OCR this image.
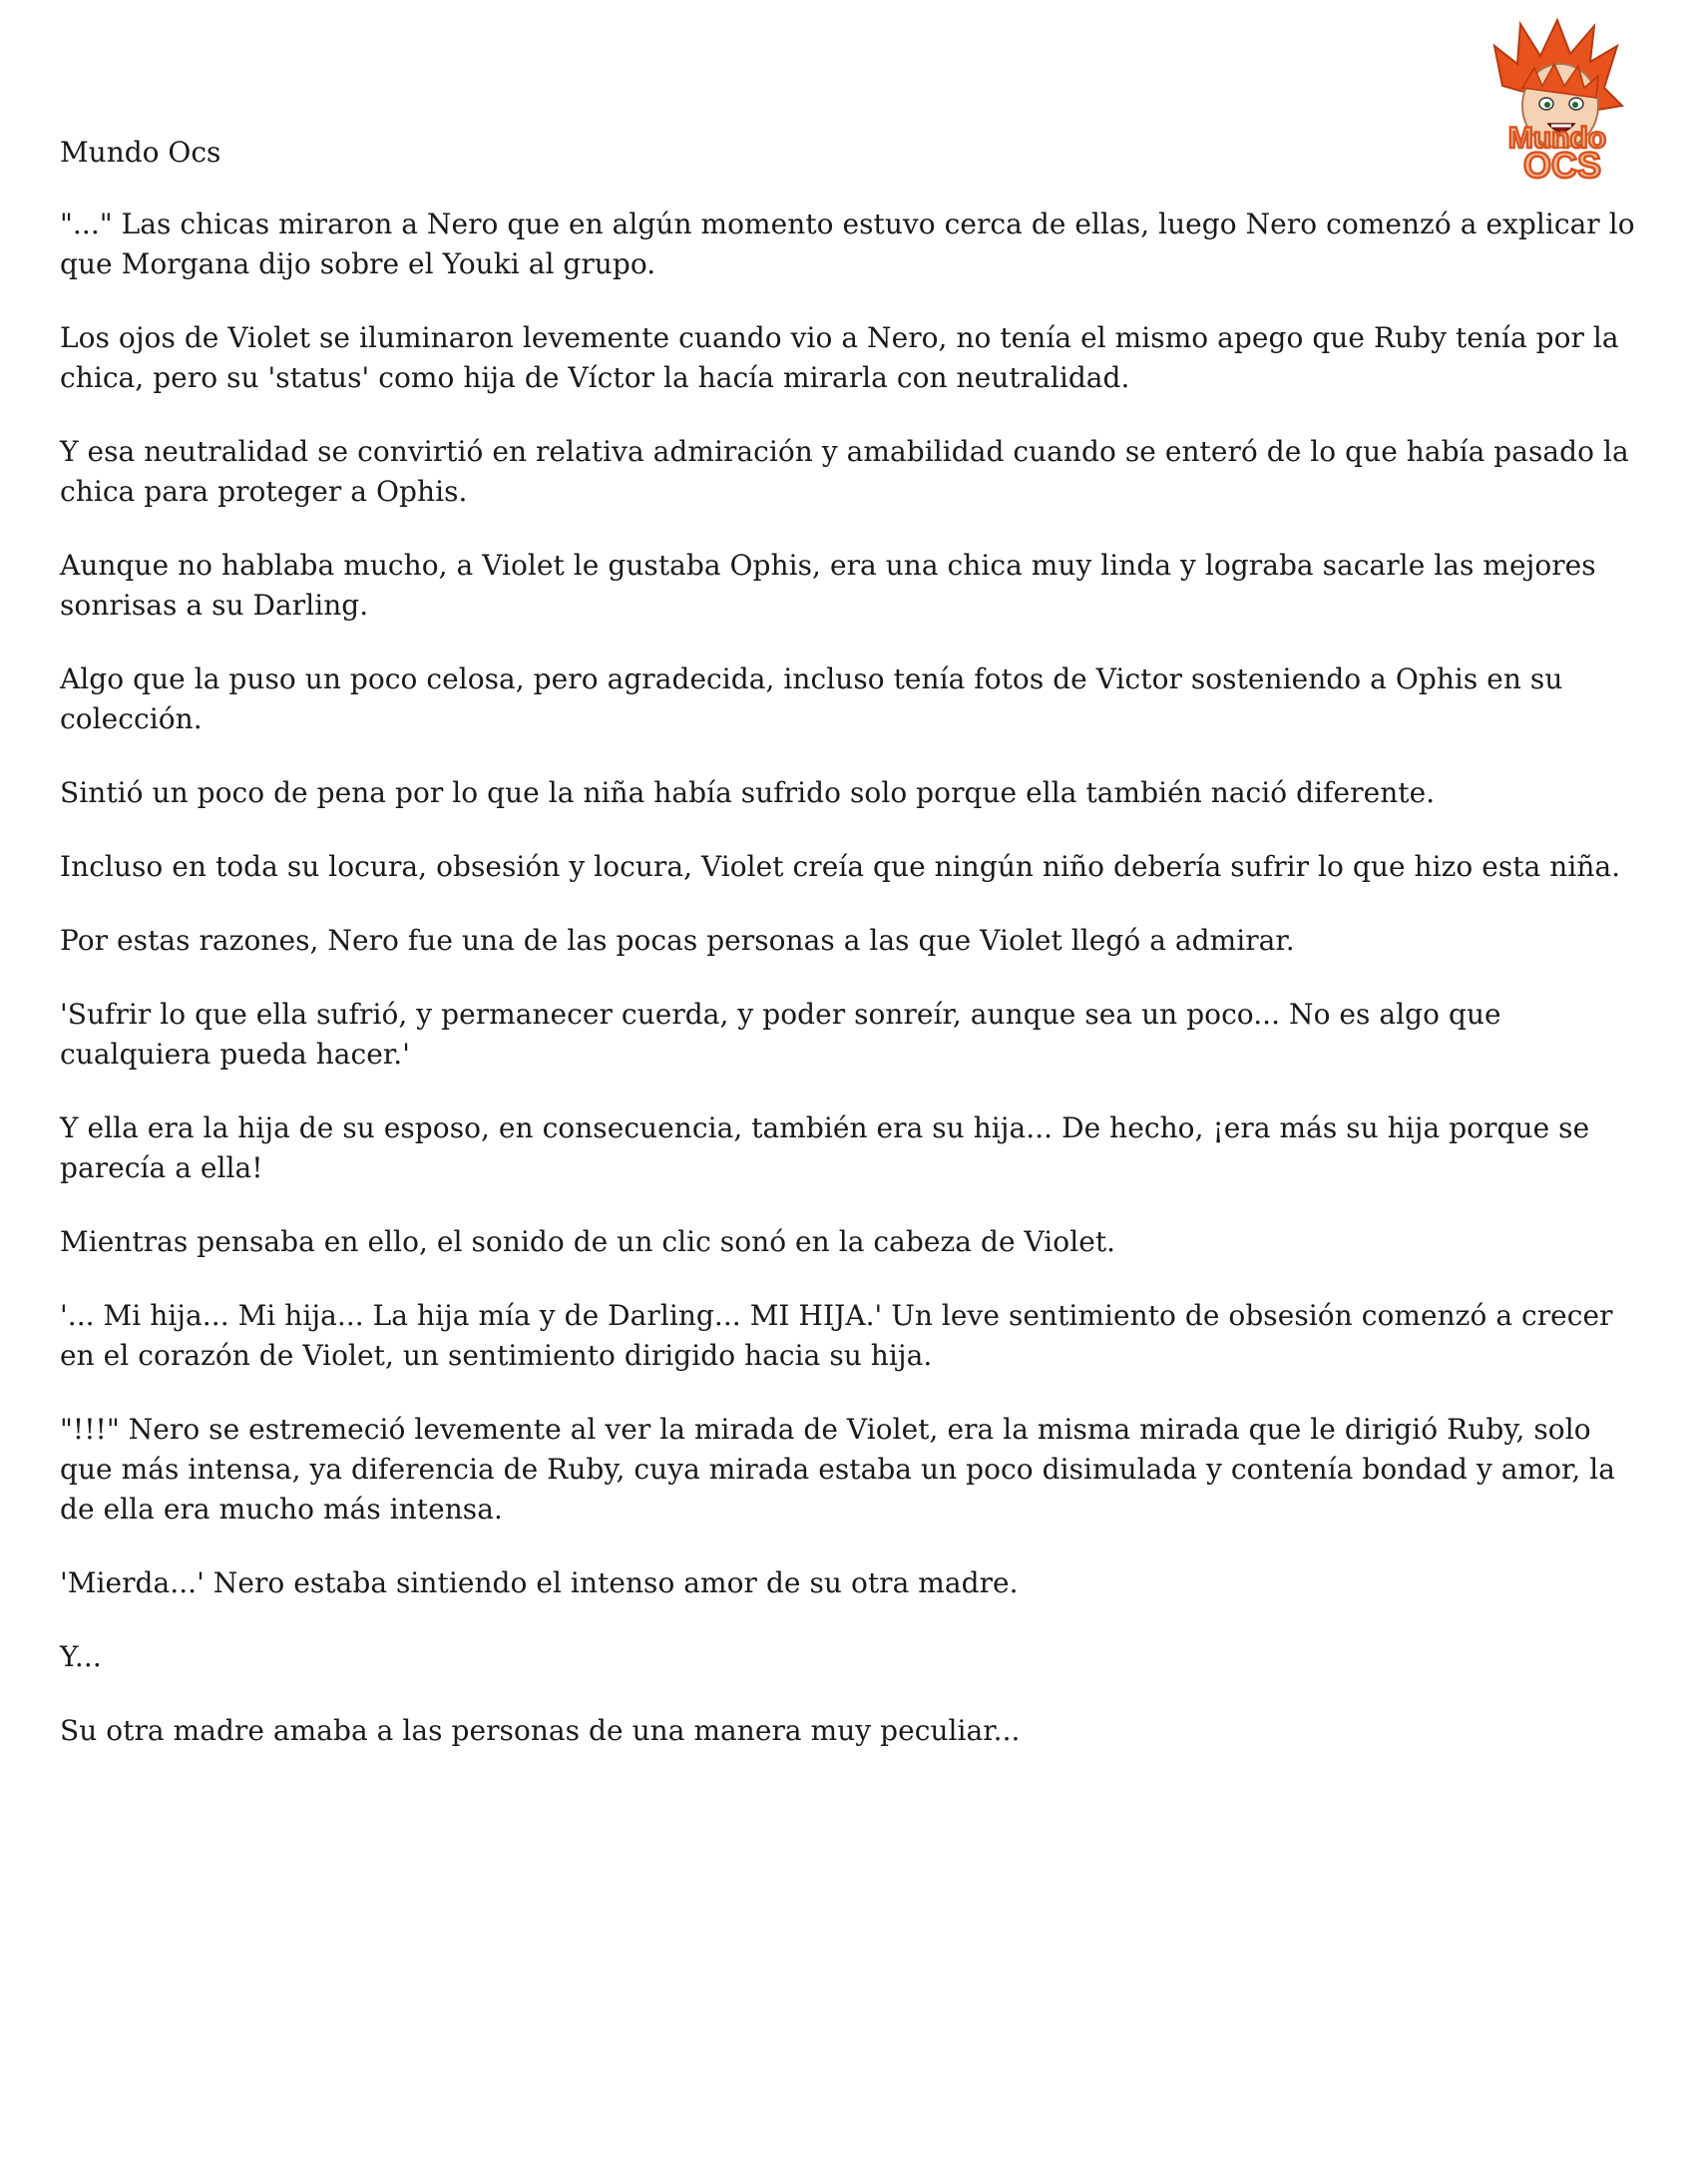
Mundo
OCS

Mundo Ocs

"..." Las chicas miraron a Nero que en algún momento estuvo cerca de ellas, luego Nero comenzó a explicar lo que Morgana dijo sobre el Youki al grupo.

Los ojos de Violet se iluminaron levemente cuando vio a Nero, no tenía el mismo apego que Ruby tenía por la chica, pero su 'status' como hija de Víctor la hacía mirarla con neutralidad.

Y esa neutralidad se convirtió en relativa admiración y amabilidad cuando se enteró de lo que había pasado la chica para proteger a Ophis.

Aunque no hablaba mucho, a Violet le gustaba Ophis, era una chica muy linda y lograba sacarle las mejores sonrisas a su Darling.

Algo que la puso un poco celosa, pero agradecida, incluso tenía fotos de Victor sosteniendo a Ophis en su colección.

Sintió un poco de pena por lo que la niña había sufrido solo porque ella también nació diferente.

Incluso en toda su locura, obsesión y locura, Violet creía que ningún niño debería sufrir lo que hizo esta niña.

Por estas razones, Nero fue una de las pocas personas a las que Violet llegó a admirar.

'Sufrir lo que ella sufrió, y permanecer cuerda, y poder sonreír, aunque sea un poco... No es algo que cualquiera pueda hacer.'

Y ella era la hija de su esposo, en consecuencia, también era su hija... De hecho, ¡era más su hija porque se parecía a ella!

Mientras pensaba en ello, el sonido de un clic sonó en la cabeza de Violet.

'... Mi hija... Mi hija... La hija mía y de Darling... MI HIJA.' Un leve sentimiento de obsesión comenzó a crecer en el corazón de Violet, un sentimiento dirigido hacia su hija.

"!!!" Nero se estremeció levemente al ver la mirada de Violet, era la misma mirada que le dirigió Ruby, solo que más intensa, ya diferencia de Ruby, cuya mirada estaba un poco disimulada y contenía bondad y amor, la de ella era mucho más intensa.

'Mierda...' Nero estaba sintiendo el intenso amor de su otra madre.

Y...

Su otra madre amaba a las personas de una manera muy peculiar...
